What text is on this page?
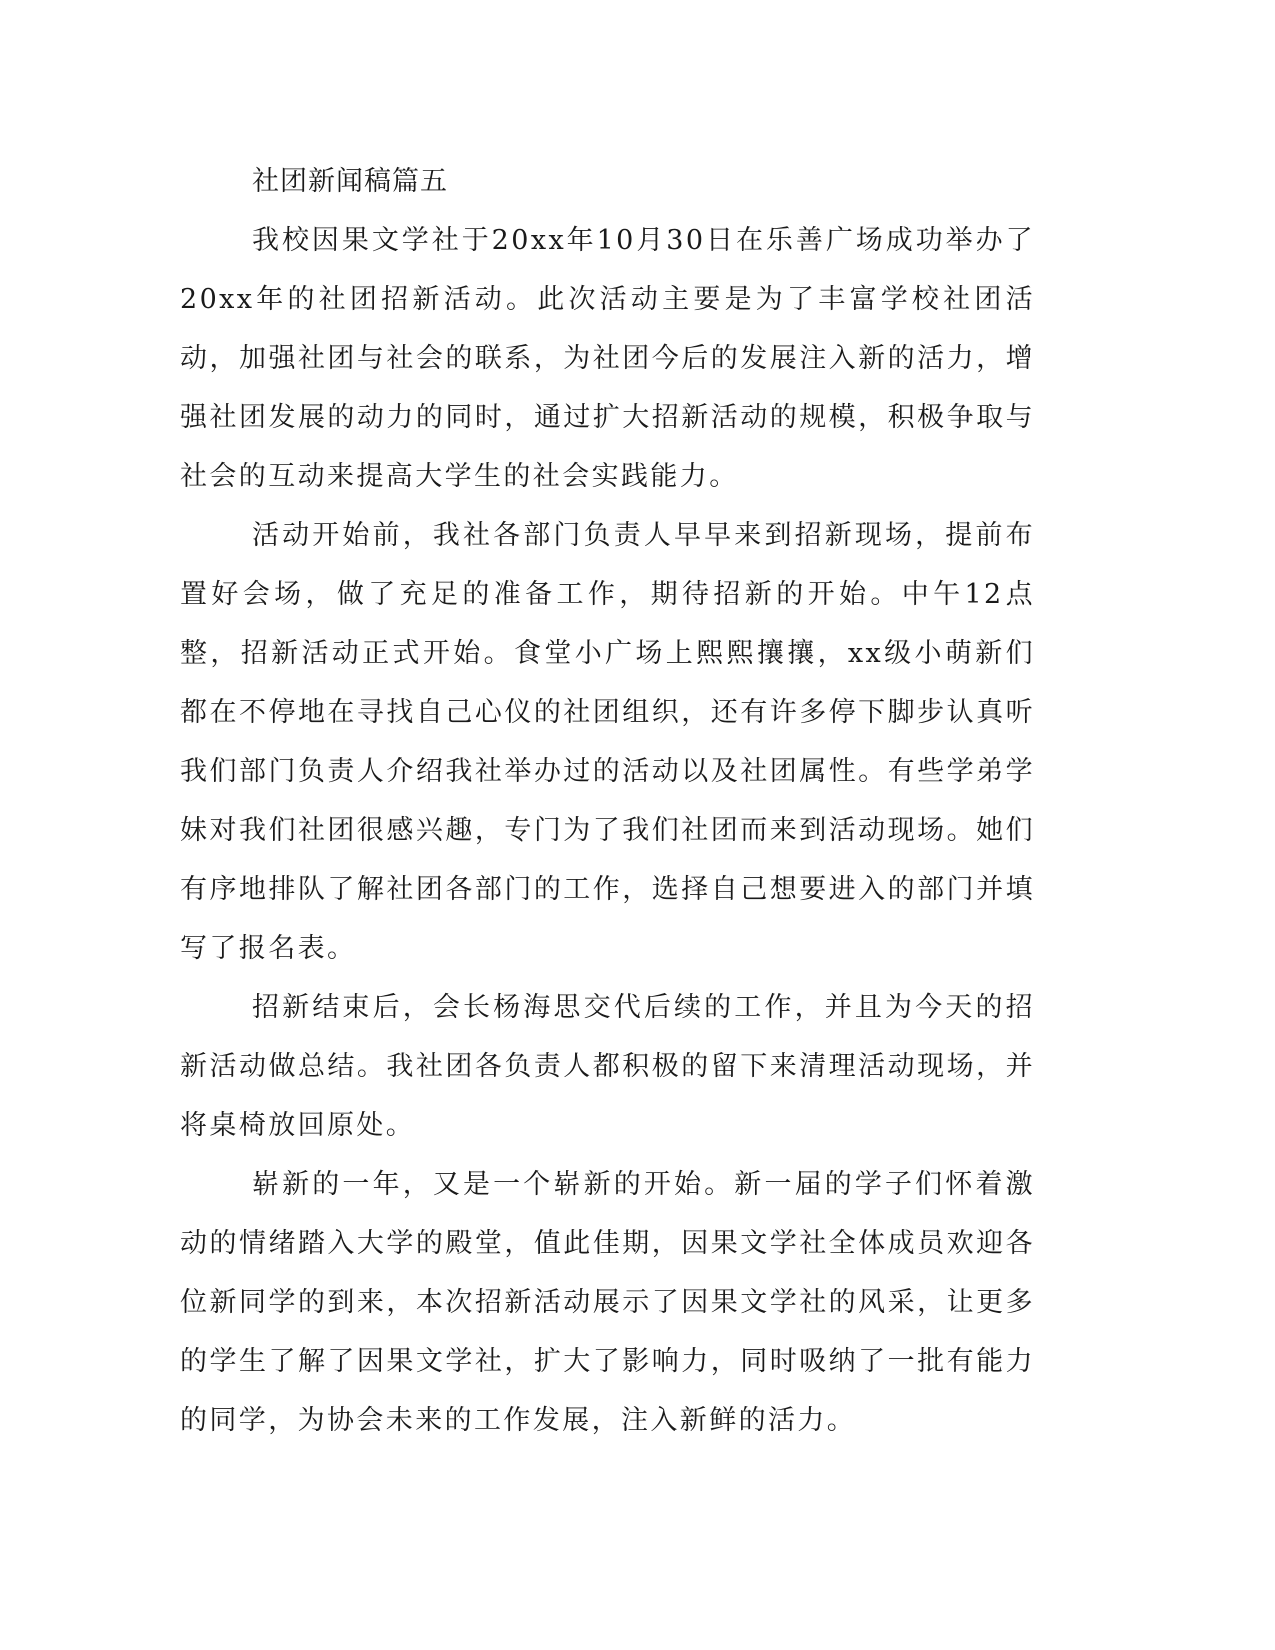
社团新闻稿篇五

我校因果文学社于20xx年10月30日在乐善广场成功举办了20xx年的社团招新活动。此次活动主要是为了丰富学校社团活动，加强社团与社会的联系，为社团今后的发展注入新的活力，增强社团发展的动力的同时，通过扩大招新活动的规模，积极争取与社会的互动来提高大学生的社会实践能力。

活动开始前，我社各部门负责人早早来到招新现场，提前布置好会场，做了充足的准备工作，期待招新的开始。中午12点整，招新活动正式开始。食堂小广场上熙熙攘攘，xx级小萌新们都在不停地在寻找自己心仪的社团组织，还有许多停下脚步认真听我们部门负责人介绍我社举办过的活动以及社团属性。有些学弟学妹对我们社团很感兴趣，专门为了我们社团而来到活动现场。她们有序地排队了解社团各部门的工作，选择自己想要进入的部门并填写了报名表。

招新结束后，会长杨海思交代后续的工作，并且为今天的招新活动做总结。我社团各负责人都积极的留下来清理活动现场，并将桌椅放回原处。

崭新的一年，又是一个崭新的开始。新一届的学子们怀着激动的情绪踏入大学的殿堂，值此佳期，因果文学社全体成员欢迎各位新同学的到来，本次招新活动展示了因果文学社的风采，让更多的学生了解了因果文学社，扩大了影响力，同时吸纳了一批有能力的同学，为协会未来的工作发展，注入新鲜的活力。
